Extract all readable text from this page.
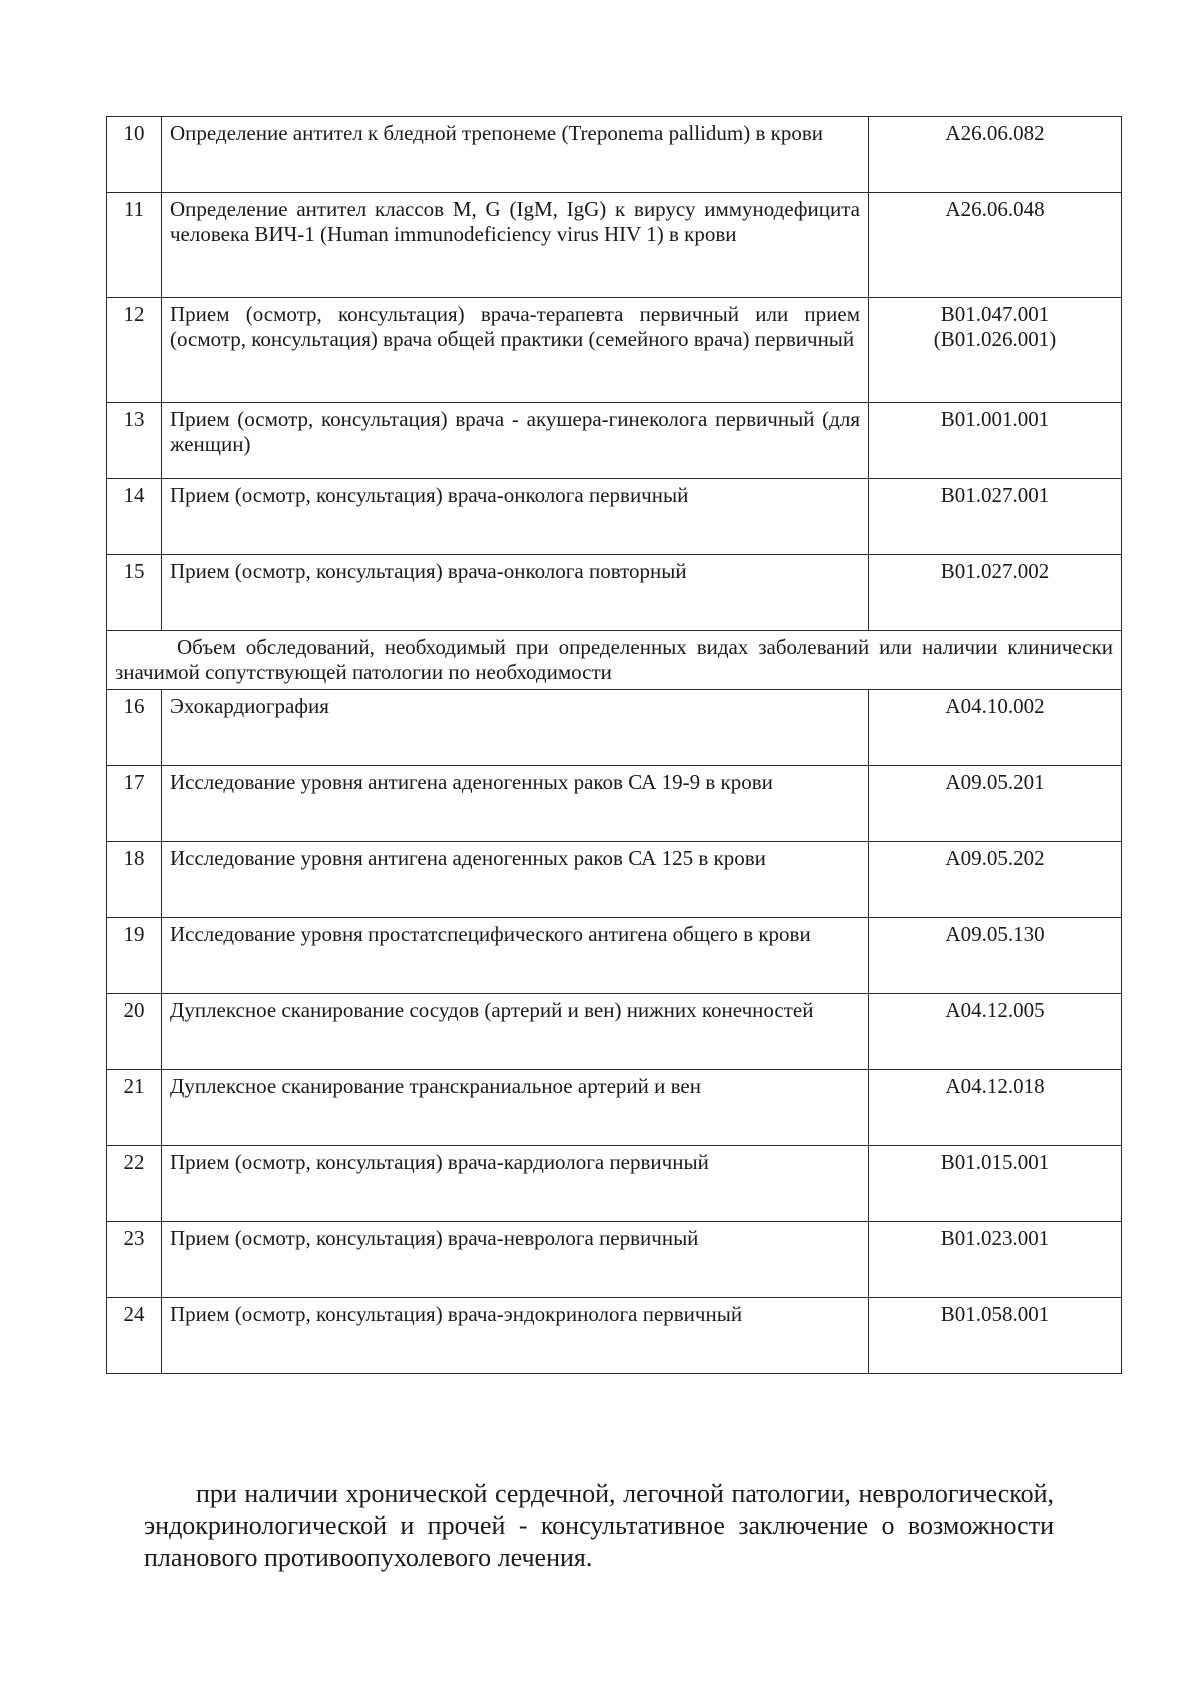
10	Определение антител к бледной трепонеме (Treponema pallidum) в крови	A26.06.082

11	Определение антител классов М, G (IgM, IgG) к вирусу иммунодефицита человека ВИЧ-1 (Human immunodeficiency virus HIV 1) в крови	A26.06.048

12	Прием (осмотр, консультация) врача-терапевта первичный или прием (осмотр, консультация) врача общей практики (семейного врача) первичный	B01.047.001
(B01.026.001)

13	Прием (осмотр, консультация) врача - акушера-гинеколога первичный (для женщин)	B01.001.001

14	Прием (осмотр, консультация) врача-онколога первичный	B01.027.001

15	Прием (осмотр, консультация) врача-онколога повторный	B01.027.002

Объем обследований, необходимый при определенных видах заболеваний или наличии клинически значимой сопутствующей патологии по необходимости		
16	Эхокардиография	A04.10.002

17	Исследование уровня антигена аденогенных раков СА 19-9 в крови	A09.05.201

18	Исследование уровня антигена аденогенных раков СА 125 в крови	A09.05.202

19	Исследование уровня простатспецифического антигена общего в крови	A09.05.130

20	Дуплексное сканирование сосудов (артерий и вен) нижних конечностей	A04.12.005

21	Дуплексное сканирование транскраниальное артерий и вен	A04.12.018

22	Прием (осмотр, консультация) врача-кардиолога первичный	B01.015.001

23	Прием (осмотр, консультация) врача-невролога первичный	B01.023.001

24	Прием (осмотр, консультация) врача-эндокринолога первичный	B01.058.001

при наличии хронической сердечной, легочной патологии, неврологической, эндокринологической и прочей - консультативное заключение о возможности планового противоопухолевого лечения.
